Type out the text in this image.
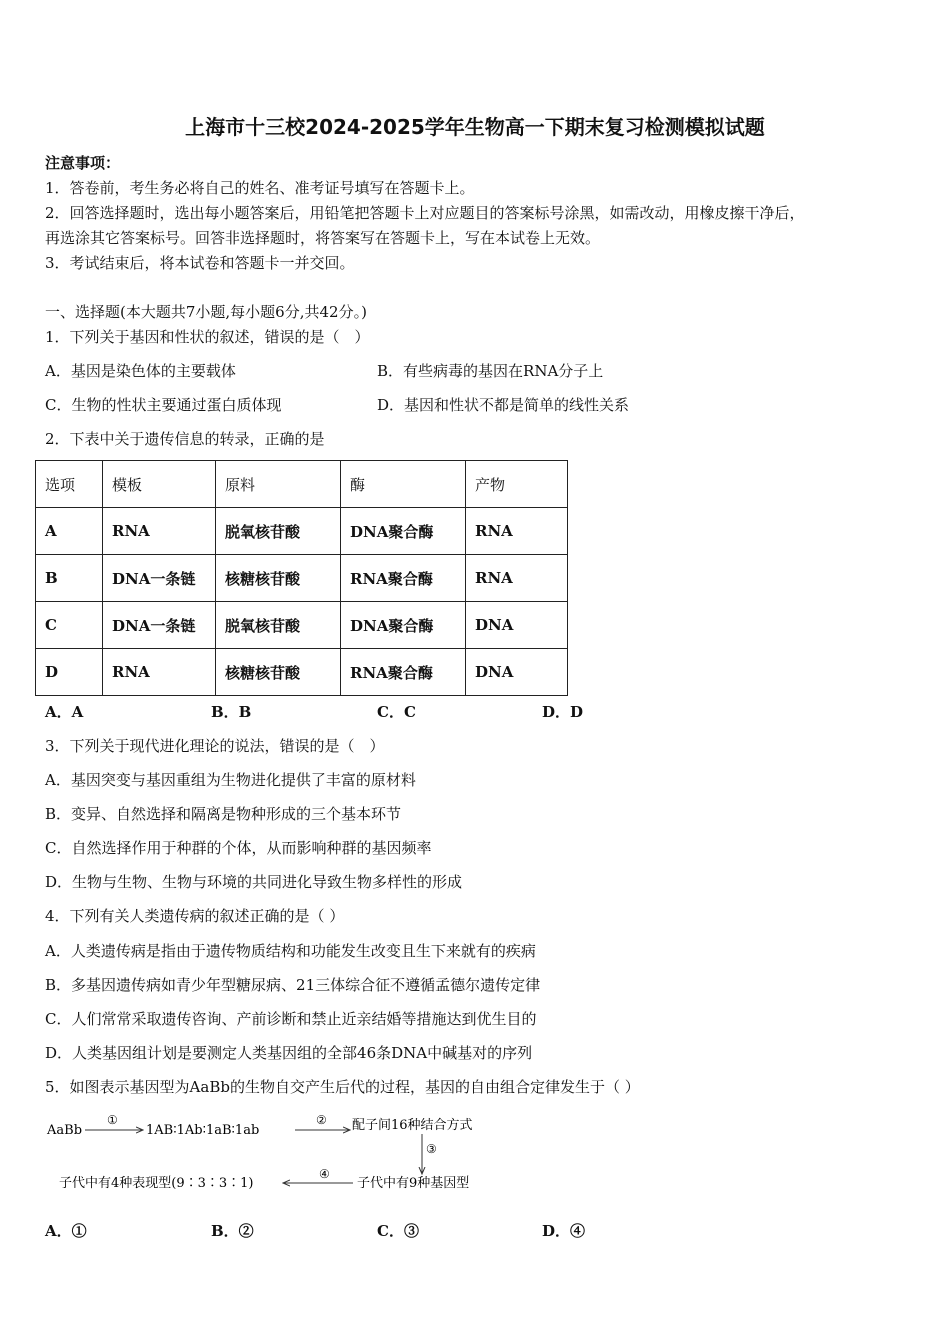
上海市十三校2024-2025学年生物高一下期末复习检测模拟试题
注意事项：
1．答卷前，考生务必将自己的姓名、准考证号填写在答题卡上。
2．回答选择题时，选出每小题答案后，用铅笔把答题卡上对应题目的答案标号涂黑，如需改动，用橡皮擦干净后，
再选涂其它答案标号。回答非选择题时，将答案写在答题卡上，写在本试卷上无效。
3．考试结束后，将本试卷和答题卡一并交回。
一、选择题(本大题共7小题,每小题6分,共42分。)
1．下列关于基因和性状的叙述，错误的是（　）
A．基因是染色体的主要载体	B．有些病毒的基因在RNA分子上
C．生物的性状主要通过蛋白质体现	D．基因和性状不都是简单的线性关系
2．下表中关于遗传信息的转录，正确的是
选项	模板	原料	酶	产物
A	RNA	脱氧核苷酸	DNA聚合酶	RNA
B	DNA一条链	核糖核苷酸	RNA聚合酶	RNA
C	DNA一条链	脱氧核苷酸	DNA聚合酶	DNA
D	RNA	核糖核苷酸	RNA聚合酶	DNA
A．A	B．B	C．C	D．D
3．下列关于现代进化理论的说法，错误的是（　）
A．基因突变与基因重组为生物进化提供了丰富的原材料
B．变异、自然选择和隔离是物种形成的三个基本环节
C．自然选择作用于种群的个体，从而影响种群的基因频率
D．生物与生物、生物与环境的共同进化导致生物多样性的形成
4．下列有关人类遗传病的叙述正确的是（ ）
A．人类遗传病是指由于遗传物质结构和功能发生改变且生下来就有的疾病
B．多基因遗传病如青少年型糖尿病、21三体综合征不遵循孟德尔遗传定律
C．人们常常采取遗传咨询、产前诊断和禁止近亲结婚等措施达到优生目的
D．人类基因组计划是要测定人类基因组的全部46条DNA中碱基对的序列
5．如图表示基因型为AaBb的生物自交产生后代的过程，基因的自由组合定律发生于（ ）
AaBb
①
1AB∶1Ab∶1aB∶1ab
② 配子间16种结合方式
③
子代中有9种基因型
④
子代中有4种表现型(9∶3∶3∶1)
A．①	B．②	C．③	D．④
